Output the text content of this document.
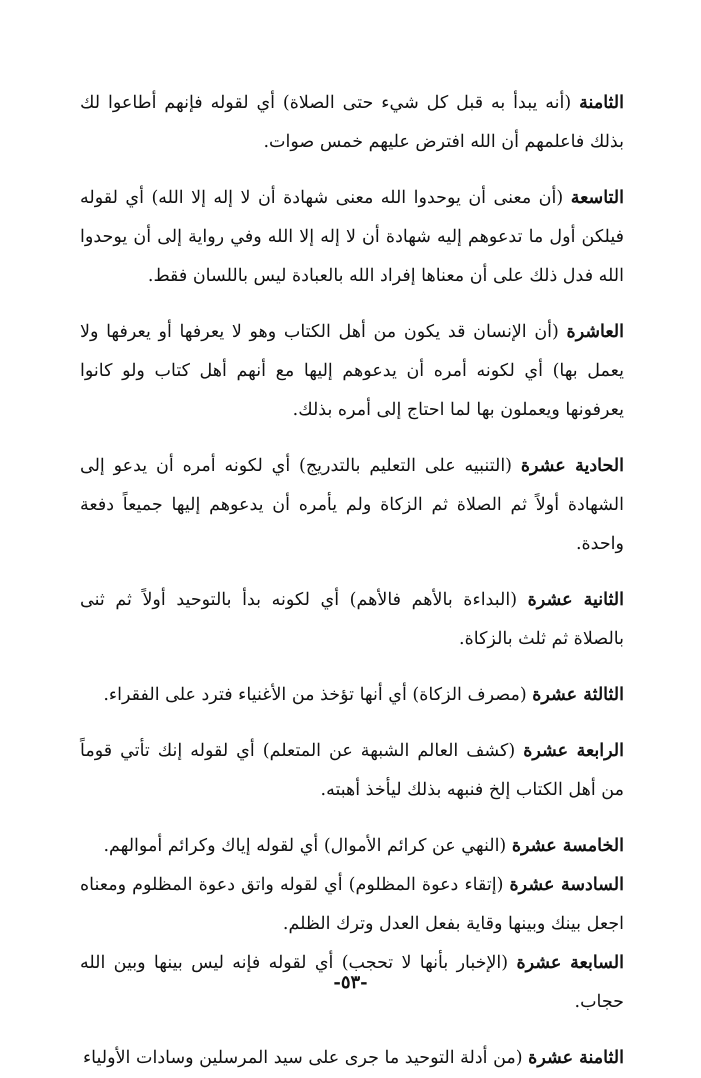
الثامنة (أنه يبدأ به قبل كل شيء حتى الصلاة) أي لقوله فإنهم أطاعوا لك بذلك فاعلمهم أن الله افترض عليهم خمس صوات.

التاسعة (أن معنى أن يوحدوا الله معنى شهادة أن لا إله إلا الله) أي لقوله فيلكن أول ما تدعوهم إليه شهادة أن لا إله إلا الله وفي رواية إلى أن يوحدوا الله فدل ذلك على أن معناها إفراد الله بالعبادة ليس باللسان فقط.

العاشرة (أن الإنسان قد يكون من أهل الكتاب وهو لا يعرفها أو يعرفها ولا يعمل بها) أي لكونه أمره أن يدعوهم إليها مع أنهم أهل كتاب ولو كانوا يعرفونها ويعملون بها لما احتاج إلى أمره بذلك.

الحادية عشرة (التنبيه على التعليم بالتدريج) أي لكونه أمره أن يدعو إلى الشهادة أولاً ثم الصلاة ثم الزكاة ولم يأمره أن يدعوهم إليها جميعاً دفعة واحدة.

الثانية عشرة (البداءة بالأهم فالأهم) أي لكونه بدأ بالتوحيد أولاً ثم ثنى بالصلاة ثم ثلث بالزكاة.

الثالثة عشرة (مصرف الزكاة) أي أنها تؤخذ من الأغنياء فترد على الفقراء.

الرابعة عشرة (كشف العالم الشبهة عن المتعلم) أي لقوله إنك تأتي قوماً من أهل الكتاب إلخ فنبهه بذلك ليأخذ أهبته.

الخامسة عشرة (النهي عن كرائم الأموال) أي لقوله إياك وكرائم أموالهم.

السادسة عشرة (إتقاء دعوة المظلوم) أي لقوله واتق دعوة المظلوم ومعناه اجعل بينك وبينها وقاية بفعل العدل وترك الظلم.

السابعة عشرة (الإخبار بأنها لا تحجب) أي لقوله فإنه ليس بينها وبين الله حجاب.

الثامنة عشرة (من أدلة التوحيد ما جرى على سيد المرسلين وسادات الأولياء

-٥٣-
